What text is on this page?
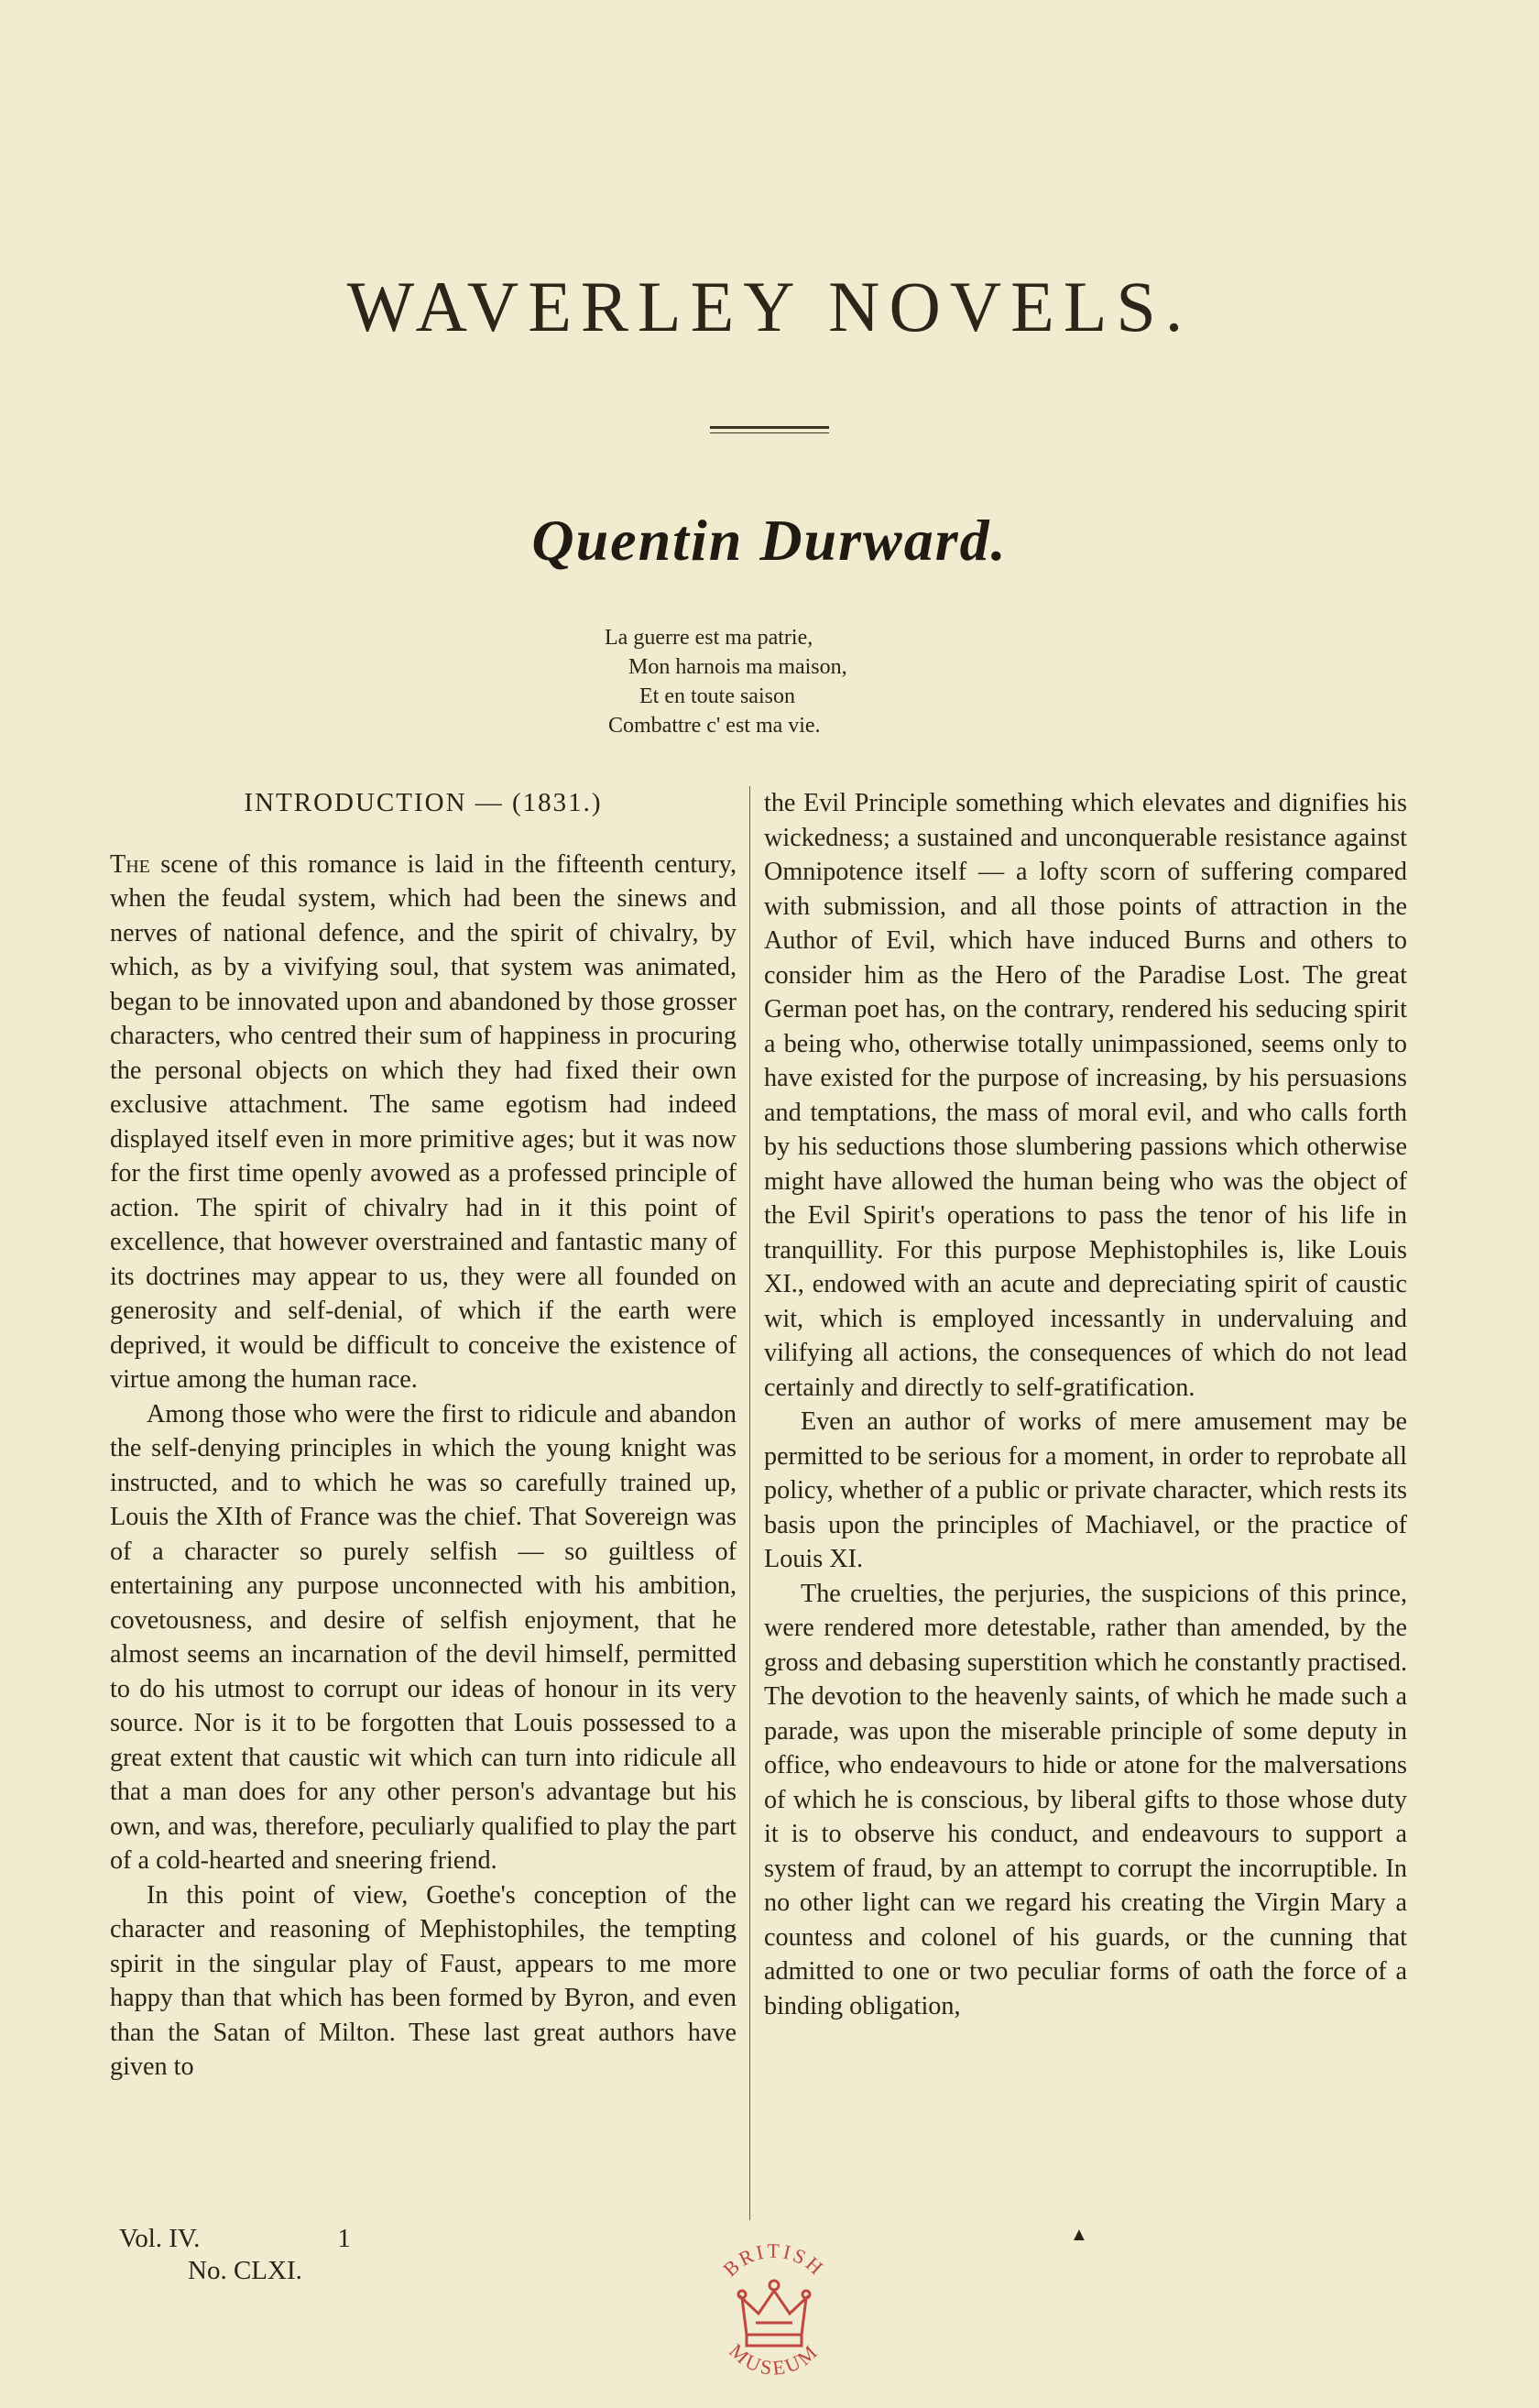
WAVERLEY NOVELS.
Quentin Durward.
La guerre est ma patrie,
Mon harnois ma maison,
Et en toute saison
Combattre c' est ma vie.
INTRODUCTION — (1831.)

The scene of this romance is laid in the fifteenth century, when the feudal system, which had been the sinews and nerves of national defence, and the spirit of chivalry, by which, as by a vivifying soul, that system was animated, began to be innovated upon and abandoned by those grosser characters, who centred their sum of happiness in procuring the personal objects on which they had fixed their own exclusive attachment. The same egotism had indeed displayed itself even in more primitive ages; but it was now for the first time openly avowed as a professed principle of action. The spirit of chivalry had in it this point of excellence, that however overstrained and fantastic many of its doctrines may appear to us, they were all founded on generosity and self-denial, of which if the earth were deprived, it would be difficult to conceive the existence of virtue among the human race.

Among those who were the first to ridicule and abandon the self-denying principles in which the young knight was instructed, and to which he was so carefully trained up, Louis the XIth of France was the chief. That Sovereign was of a character so purely selfish — so guiltless of entertaining any purpose unconnected with his ambition, covetousness, and desire of selfish enjoyment, that he almost seems an incarnation of the devil himself, permitted to do his utmost to corrupt our ideas of honour in its very source. Nor is it to be forgotten that Louis possessed to a great extent that caustic wit which can turn into ridicule all that a man does for any other person's advantage but his own, and was, therefore, peculiarly qualified to play the part of a cold-hearted and sneering friend.

In this point of view, Goethe's conception of the character and reasoning of Mephistophiles, the tempting spirit in the singular play of Faust, appears to me more happy than that which has been formed by Byron, and even than the Satan of Milton. These last great authors have given to

the Evil Principle something which elevates and dignifies his wickedness; a sustained and unconquerable resistance against Omnipotence itself — a lofty scorn of suffering compared with submission, and all those points of attraction in the Author of Evil, which have induced Burns and others to consider him as the Hero of the Paradise Lost. The great German poet has, on the contrary, rendered his seducing spirit a being who, otherwise totally unimpassioned, seems only to have existed for the purpose of increasing, by his persuasions and temptations, the mass of moral evil, and who calls forth by his seductions those slumbering passions which otherwise might have allowed the human being who was the object of the Evil Spirit's operations to pass the tenor of his life in tranquillity. For this purpose Mephistophiles is, like Louis XI., endowed with an acute and depreciating spirit of caustic wit, which is employed incessantly in undervaluing and vilifying all actions, the consequences of which do not lead certainly and directly to self-gratification.

Even an author of works of mere amusement may be permitted to be serious for a moment, in order to reprobate all policy, whether of a public or private character, which rests its basis upon the principles of Machiavel, or the practice of Louis XI.

The cruelties, the perjuries, the suspicions of this prince, were rendered more detestable, rather than amended, by the gross and debasing superstition which he constantly practised. The devotion to the heavenly saints, of which he made such a parade, was upon the miserable principle of some deputy in office, who endeavours to hide or atone for the malversations of which he is conscious, by liberal gifts to those whose duty it is to observe his conduct, and endeavours to support a system of fraud, by an attempt to corrupt the incorruptible. In no other light can we regard his creating the Virgin Mary a countess and colonel of his guards, or the cunning that admitted to one or two peculiar forms of oath the force of a binding obligation,

Vol. IV.	1
No. CLXI.
▲
BRITISH
MUSEUM
